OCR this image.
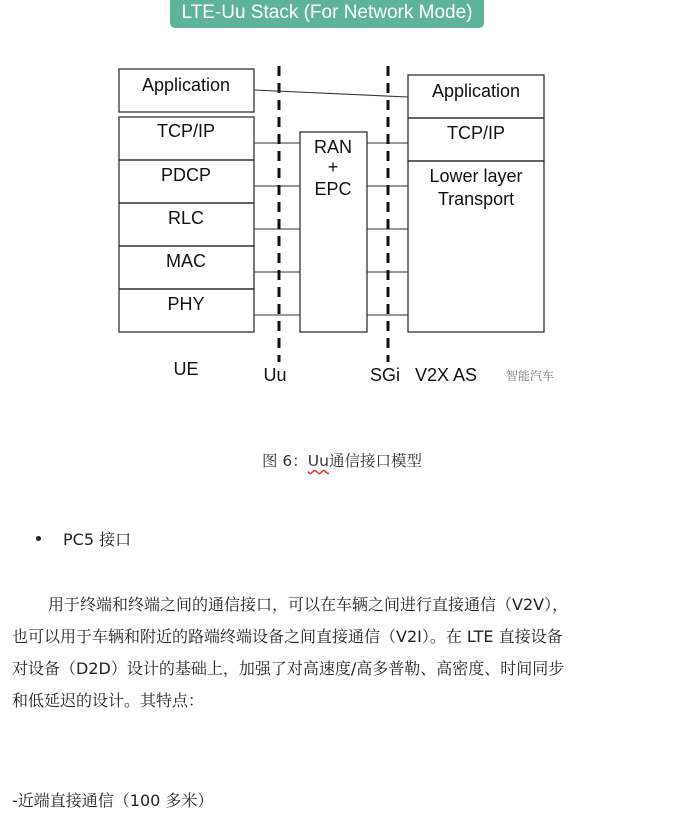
LTE-Uu Stack (For Network Mode)
Application
TCP/IP
PDCP
RLC
MAC
PHY
RAN
+
EPC
Application
TCP/IP
Lower layer
Transport
UE	Uu	SGi V2X AS 智能汽车
图 6：Uu通信接口模型
PC5 接口

用于终端和终端之间的通信接口，可以在车辆之间进行直接通信（V2V），

也可以用于车辆和附近的路端终端设备之间直接通信（V2I）。在 LTE 直接设备

对设备（D2D）设计的基础上，加强了对高速度/高多普勒、高密度、时间同步

和低延迟的设计。其特点：

-近端直接通信（100 多米）
